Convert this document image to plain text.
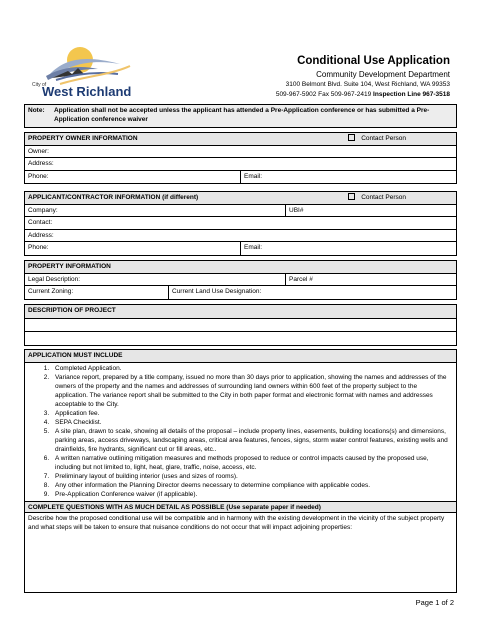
City of
West Richland
Conditional Use Application
Community Development Department
3100 Belmont Blvd. Suite 104, West Richland, WA 99353
509-967-5902 Fax 509-967-2419 Inspection Line 967-3518
Note:	Application shall not be accepted unless the applicant has attended a Pre-Application conference or has submitted a Pre-Application conference waiver
PROPERTY OWNER INFORMATION	Contact Person
Owner:
Address:
Phone:	Email:
APPLICANT/CONTRACTOR INFORMATION (if different)	Contact Person
Company:	UBI#
Contact:
Address:
Phone:	Email:
PROPERTY INFORMATION
Legal Description:	Parcel #
Current Zoning:	Current Land Use Designation:
DESCRIPTION OF PROJECT
APPLICATION MUST INCLUDE
1. Completed Application.
2. Variance report, prepared by a title company, issued no more than 30 days prior to application, showing the names and addresses of the owners of the property and the names and addresses of surrounding land owners within 600 feet of the property subject to the application. The variance report shall be submitted to the City in both paper format and electronic format with names and addresses acceptable to the City.
3. Application fee.
4. SEPA Checklist.
5. A site plan, drawn to scale, showing all details of the proposal – include property lines, easements, building locations(s) and dimensions, parking areas, access driveways, landscaping areas, critical area features, fences, signs, storm water control features, existing wells and drainfields, fire hydrants, significant cut or fill areas, etc..
6. A written narrative outlining mitigation measures and methods proposed to reduce or control impacts caused by the proposed use, including but not limited to, light, heat, glare, traffic, noise, access, etc.
7. Preliminary layout of building interior (uses and sizes of rooms).
8. Any other information the Planning Director deems necessary to determine compliance with applicable codes.
9. Pre-Application Conference waiver (if applicable).
COMPLETE QUESTIONS WITH AS MUCH DETAIL AS POSSIBLE (Use separate paper if needed)
Describe how the proposed conditional use will be compatible and in harmony with the existing development in the vicinity of the subject property and what steps will be taken to ensure that nuisance conditions do not occur that will impact adjoining properties:
Page 1 of 2
